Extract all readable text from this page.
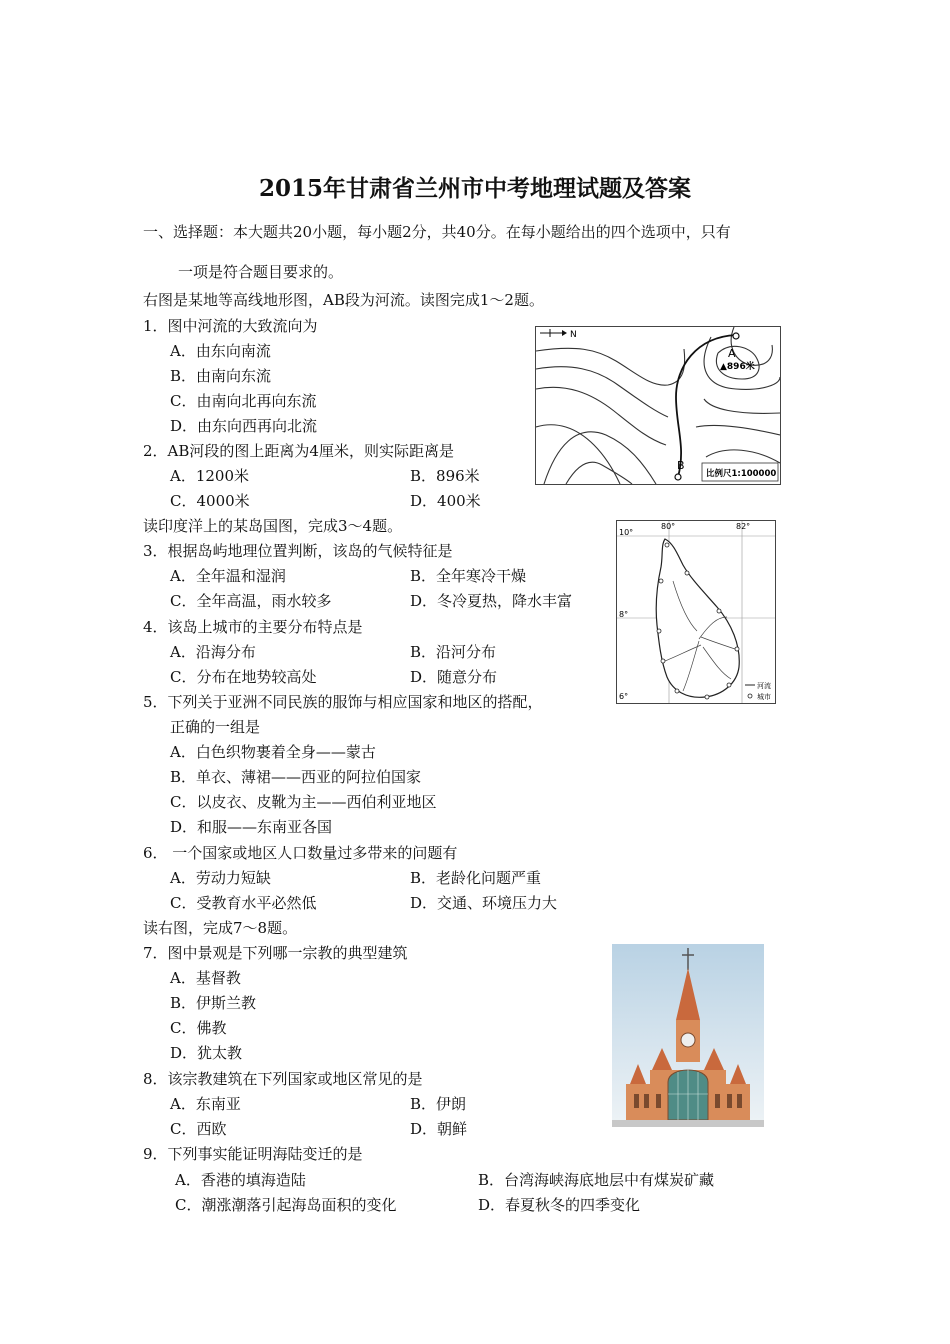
2015年甘肃省兰州市中考地理试题及答案
一、选择题：本大题共20小题，每小题2分，共40分。在每小题给出的四个选项中，只有
一项是符合题目要求的。
右图是某地等高线地形图，AB段为河流。读图完成1～2题。
1．图中河流的大致流向为
A．由东向南流
B．由南向东流
C．由南向北再向东流
D．由东向西再向北流
2．AB河段的图上距离为4厘米，则实际距离是
A．1200米	B．896米
C．4000米	D．400米
读印度洋上的某岛国图，完成3～4题。
3．根据岛屿地理位置判断，该岛的气候特征是
A．全年温和湿润	B．全年寒冷干燥
C．全年高温，雨水较多	D．冬冷夏热，降水丰富
4．该岛上城市的主要分布特点是
A．沿海分布	B．沿河分布
C．分布在地势较高处	D．随意分布
5．下列关于亚洲不同民族的服饰与相应国家和地区的搭配，
正确的一组是
A．白色织物裹着全身——蒙古
B．单衣、薄裙——西亚的阿拉伯国家
C．以皮衣、皮靴为主——西伯利亚地区
D．和服——东南亚各国
6． 一个国家或地区人口数量过多带来的问题有
A．劳动力短缺	B．老龄化问题严重
C．受教育水平必然低	D．交通、环境压力大
读右图，完成7～8题。
7．图中景观是下列哪一宗教的典型建筑
A．基督教
B．伊斯兰教
C．佛教
D．犹太教
8．该宗教建筑在下列国家或地区常见的是
A．东南亚	B．伊朗
C．西欧	D．朝鲜
9．下列事实能证明海陆变迁的是
A．香港的填海造陆	B．台湾海峡海底地层中有煤炭矿藏
C．潮涨潮落引起海岛面积的变化	D．春夏秋冬的四季变化
N
A
B
▲896米
比例尺1:100000
10°
8°
6°
80°	82°
河流
城市
